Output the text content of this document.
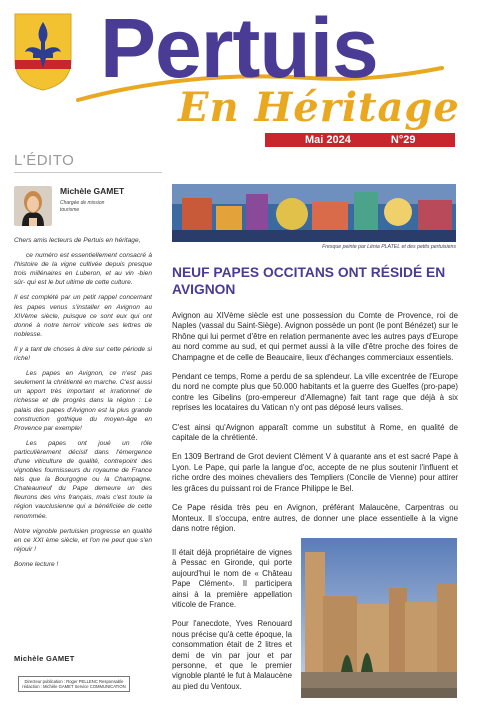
Pertuis
En Héritage
Mai 2024	N°29
L'ÉDITO
Michèle GAMET
Chargée de mission tourisme

Chers amis lecteurs de Pertuis en héritage,

ce numéro est essentiellement consacré à l'histoire de la vigne cultivée depuis presque trois millénaires en Luberon, et au vin -bien sûr- qui est le but ultime de cette culture.

Il est complété par un petit rappel concernant les papes venus s'installer en Avignon au XIVème siècle, puisque ce sont eux qui ont donné à notre terroir viticole ses lettres de noblesse.

Il y a tant de choses à dire sur cette période si riche!

Les papes en Avignon, ce n'est pas seulement la chrétienté en marche. C'est aussi un apport très important et irrationnel de richesse et de progrès dans la région : Le palais des papes d'Avignon est la plus grande construction gothique du moyen-âge en Provence par exemple!

Les papes ont joué un rôle particulièrement décisif dans l'émergence d'une viticulture de qualité, contrepoint des vignobles fournisseurs du royaume de France tels que la Bourgogne ou la Champagne. Chateauneuf du Pape demeure un des fleurons des vins français, mais c'est toute la région vauclusienne qui a bénéficiée de cette renommée.

Notre vignoble pertuisien progresse en qualité en ce XXI ème siècle, et l'on ne peut que s'en réjouir !

Bonne lecture !

Michèle GAMET
Directeur publication : Roger PELLENC Responsable rédaction : Michèle GAMET Service COMMUNICATION
Fresque peinte par Lénia PLATEL et des petits pertuisiens
NEUF PAPES OCCITANS ONT RÉSIDÉ EN AVIGNON

Avignon au XIVème siècle est une possession du Comte de Provence, roi de Naples (vassal du Saint-Siège). Avignon possède un pont (le pont Bénézet) sur le Rhône qui lui permet d'être en relation permanente avec les autres pays d'Europe au nord comme au sud, et qui permet aussi à la ville d'être proche des foires de Champagne et de celle de Beaucaire, lieux d'échanges commerciaux essentiels.

Pendant ce temps, Rome a perdu de sa splendeur. La ville excentrée de l'Europe du nord ne compte plus que 50.000 habitants et la guerre des Guelfes (pro-pape) contre les Gibelins (pro-empereur d'Allemagne) fait tant rage que déjà à six reprises les locataires du Vatican n'y ont pas déposé leurs valises.

C'est ainsi qu'Avignon apparaît comme un substitut à Rome, en qualité de capitale de la chrétienté.

En 1309 Bertrand de Grot devient Clément V à quarante ans et est sacré Pape à Lyon. Le Pape, qui parle la langue d'oc, accepte de ne plus soutenir l'influent et riche ordre des moines chevaliers des Templiers (Concile de Vienne) pour attirer les grâces du puissant roi de France Philippe le Bel.

Ce Pape résida très peu en Avignon, préférant Malaucène, Carpentras ou Monteux. Il s'occupa, entre autres, de donner une place essentielle à la vigne dans notre région.

Il était déjà propriétaire de vignes à Pessac en Gironde, qui porte aujourd'hui le nom de « Château Pape Clément». Il participera ainsi à la première appellation viticole de France.

Pour l'anecdote, Yves Renouard nous précise qu'à cette époque, la consommation était de 2 litres et demi de vin par jour et par personne, et que le premier vignoble planté le fut à Malaucène au pied du Ventoux.
